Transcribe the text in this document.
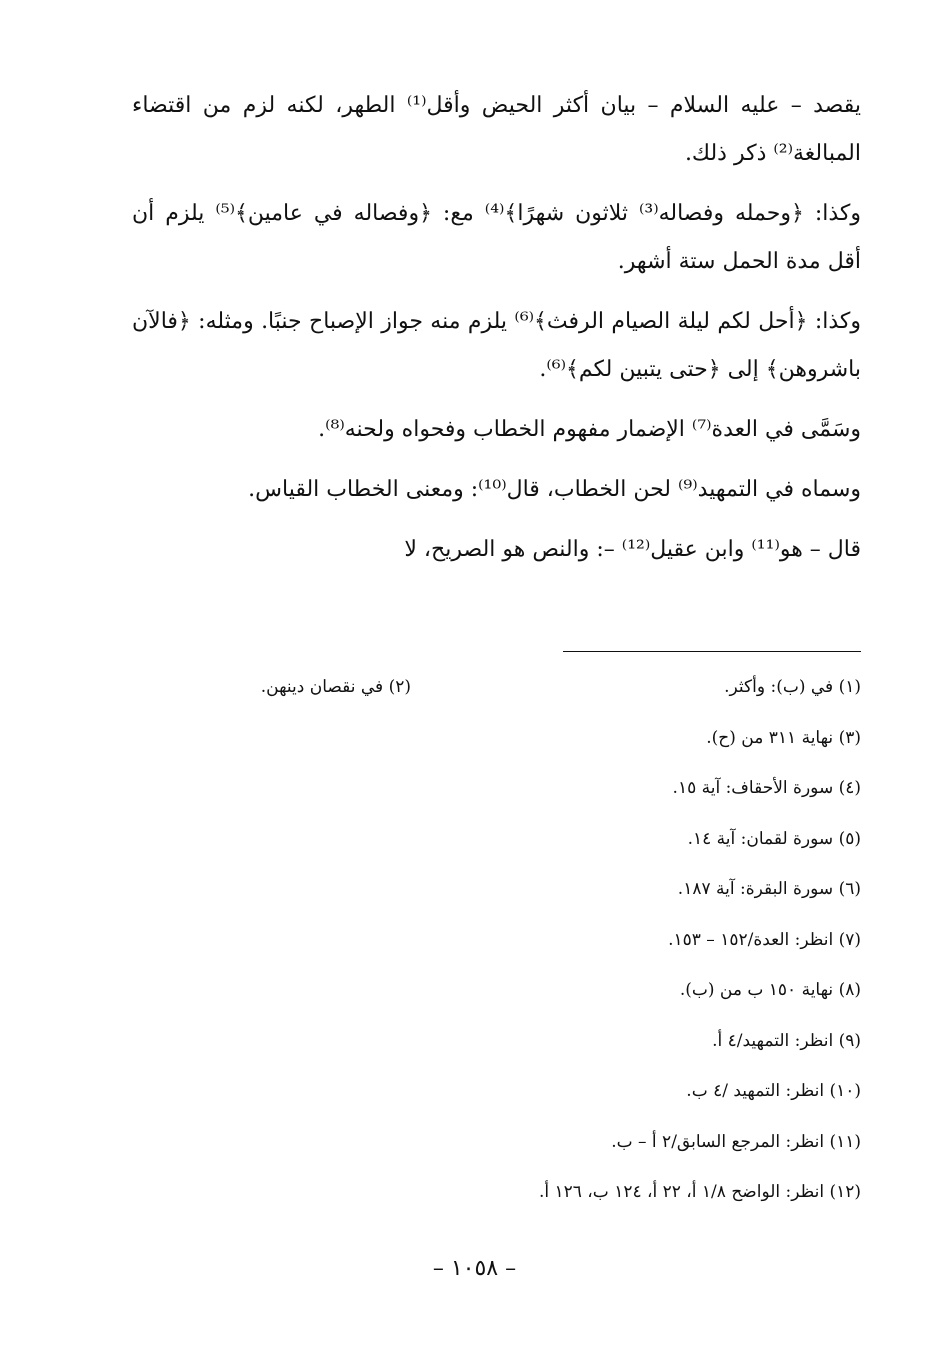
يقصد – عليه السلام – بيان أكثر الحيض وأقل⁽¹⁾ الطهر، لكنه لزم من اقتضاء المبالغة⁽²⁾ ذكر ذلك.

وكذا: ﴿وحمله وفصاله⁽³⁾ ثلاثون شهرًا﴾⁽⁴⁾ مع: ﴿وفصاله في عامين﴾⁽⁵⁾ يلزم أن أقل مدة الحمل ستة أشهر.

وكذا: ﴿أحل لكم ليلة الصيام الرفث﴾⁽⁶⁾ يلزم منه جواز الإصباح جنبًا. ومثله: ﴿فالآن باشروهن﴾ إلى ﴿حتى يتبين لكم﴾⁽⁶⁾.

وسَمَّى في العدة⁽⁷⁾ الإضمار مفهوم الخطاب وفحواه ولحنه⁽⁸⁾.

وسماه في التمهيد⁽⁹⁾ لحن الخطاب، قال⁽¹⁰⁾: ومعنى الخطاب القياس.

قال – هو⁽¹¹⁾ وابن عقيل⁽¹²⁾ –: والنص هو الصريح، لا

(١) في (ب): وأكثر.
(٢) في نقصان دينهن.
(٣) نهاية ٣١١ من (ح).
(٤) سورة الأحقاف: آية ١٥.
(٥) سورة لقمان: آية ١٤.
(٦) سورة البقرة: آية ١٨٧.
(٧) انظر: العدة/١٥٢ – ١٥٣.
(٨) نهاية ١٥٠ ب من (ب).
(٩) انظر: التمهيد/٤ أ.
(١٠) انظر: التمهيد /٤ ب.
(١١) انظر: المرجع السابق/٢ أ – ب.
(١٢) انظر: الواضح ١/٨ أ، ٢٢ أ، ١٢٤ ب، ١٢٦ أ.
– ١٠٥٨ –
